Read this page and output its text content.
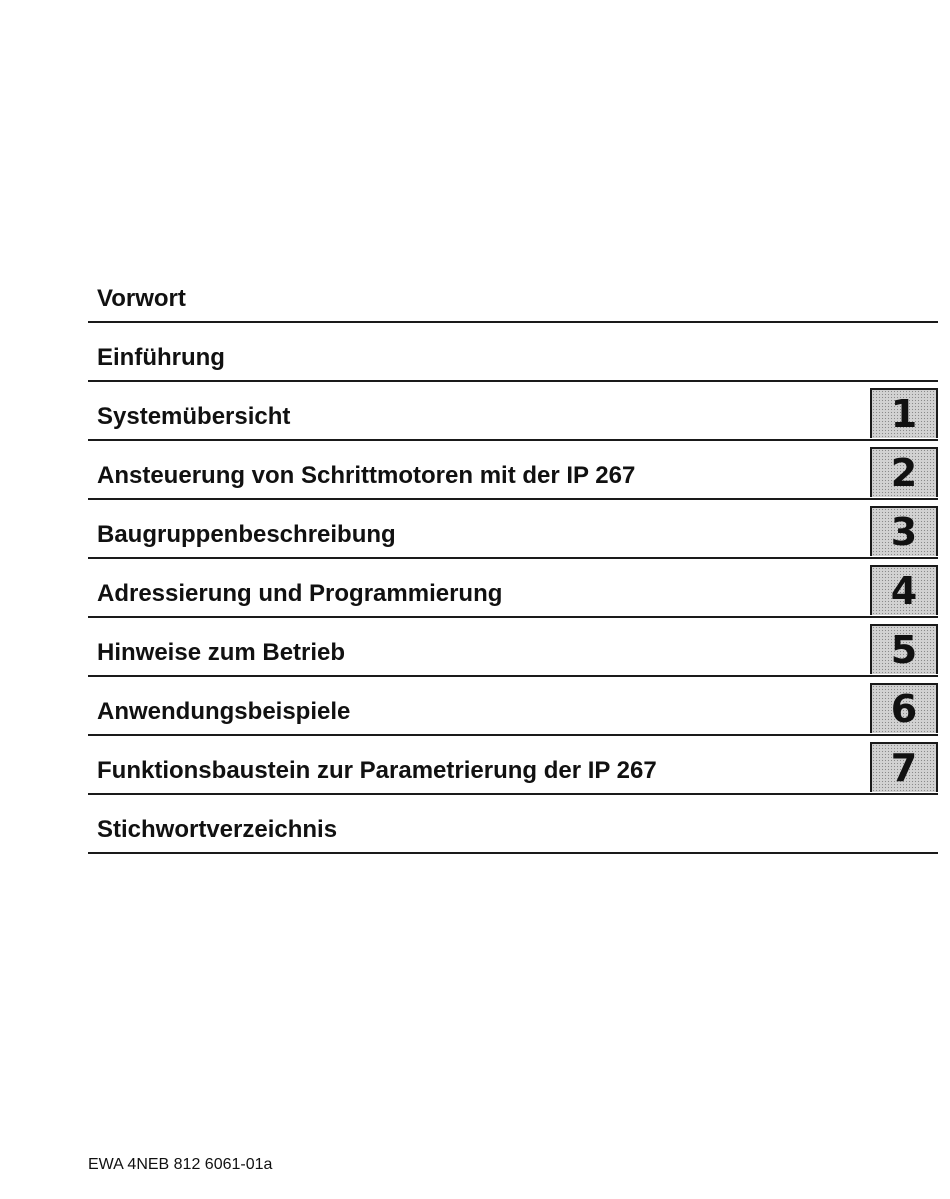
Vorwort
Einführung
Systemübersicht	1
Ansteuerung von Schrittmotoren mit der IP 267	2
Baugruppenbeschreibung	3
Adressierung und Programmierung	4
Hinweise zum Betrieb	5
Anwendungsbeispiele	6
Funktionsbaustein zur Parametrierung der IP 267	7
Stichwortverzeichnis
EWA 4NEB 812 6061-01a
